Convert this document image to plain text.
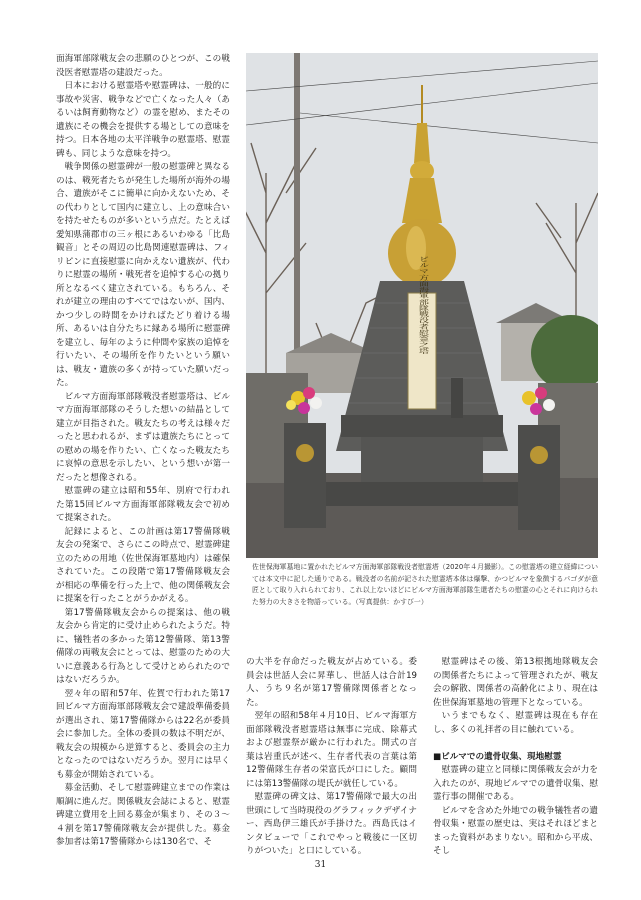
面海軍部隊戦友会の悲願のひとつが、この戦没医者慰霊塔の建設だった。

日本における慰霊塔や慰霊碑は、一般的に事故や災害、戦争などで亡くなった人々（あるいは飼育動物など）の霊を慰め、またその遺族にその機会を提供する場としての意味を持つ。日本各地の太平洋戦争の慰霊塔、慰霊碑も、同じような意味を持つ。

戦争関係の慰霊碑が一般の慰霊碑と異なるのは、戦死者たちが発生した場所が海外の場合、遺族がそこに簡単に向かえないため、その代わりとして国内に建立し、上の意味合いを持たせたものが多いという点だ。たとえば愛知県蒲郡市の三ヶ根にあるいわゆる「比島観音」とその周辺の比島関連慰霊碑は、フィリピンに直接慰霊に向かえない遺族が、代わりに慰霊の場所・戦死者を追悼する心の拠り所となるべく建立されている。もちろん、それが建立の理由のすべてではないが、国内、かつ少しの時間をかければたどり着ける場所、あるいは自分たちに縁ある場所に慰霊碑を建立し、毎年のように仲間や家族の追悼を行いたい、その場所を作りたいという願いは、戦友・遺族の多くが持っていた願いだった。

ビルマ方面海軍部隊戦没者慰霊塔は、ビルマ方面海軍部隊のそうした想いの結晶として建立が目指された。戦友たちの考えは様々だったと思われるが、まずは遺族たちにとっての慰めの場を作りたい、亡くなった戦友たちに哀悼の意思を示したい、という想いが第一だったと想像される。

慰霊碑の建立は昭和55年、別府で行われた第15回ビルマ方面海軍部隊戦友会で初めて提案された。

記録によると、この計画は第17警備隊戦友会の発案で、さらにこの時点で、慰霊碑建立のための用地（佐世保海軍墓地内）は確保されていた。この段階で第17警備隊戦友会が相応の準備を行った上で、他の関係戦友会に提案を行ったことがうかがえる。

第17警備隊戦友会からの提案は、他の戦友会から肯定的に受け止められたようだ。特に、犠牲者の多かった第12警備隊、第13警備隊の両戦友会にとっては、慰霊のための大いに意義ある行為として受けとめられたのではないだろうか。

翌々年の昭和57年、佐賀で行われた第17回ビルマ方面海軍部隊戦友会で建設準備委員が選出され、第17警備隊からは22名が委員会に参加した。全体の委員の数は不明だが、戦友会の規模から逆算すると、委員会の主力となったのではないだろうか。翌月には早くも募金が開始されている。

募金活動、そして慰霊碑建立までの作業は順調に進んだ。関係戦友会誌によると、慰霊碑建立費用を上回る募金が集まり、その３～４割を第17警備隊戦友会が提供した。募金参加者は第17警備隊からは130名で、そ

ビルマ方面海軍部隊戦没者慰霊之塔
佐世保海軍墓地に置かれたビルマ方面海軍部隊戦没者慰霊塔（2020年４月撮影）。この慰霊塔の建立経緯については本文中に記した通りである。戦没者の名前が記された慰霊塔本体は爆撃、かつビルマを象徴するパゴダが意匠として取り入れられており、これ以上ないほどにビルマ方面海軍部隊生還者たちの慰霊の心とそれに向けられた努力の大きさを物語っている。（写真提供：かすび一）

の大半を存命だった戦友が占めている。委員会は世話人会に昇華し、世話人は合計19人、うち９名が第17警備隊関係者となった。

翌年の昭和58年４月10日、ビルマ海軍方面部隊戦没者慰霊塔は無事に完成、除幕式および慰霊祭が厳かに行われた。開式の言葉は岩重氏が述べ、生存者代表の言葉は第12警備隊生存者の栄富氏が口にした。顧問には第13警備隊の堤氏が就任している。

慰霊碑の碑文は、第17警備隊で最大の出世頭にして当時現役のグラフィックデザイナー、西島伊三雄氏が手掛けた。西島氏はインタビューで「これでやっと戦後に一区切りがついた」と口にしている。

慰霊碑はその後、第13根拠地隊戦友会の関係者たちによって管理されたが、戦友会の解散、関係者の高齢化により、現在は佐世保海軍墓地の管理下となっている。

いうまでもなく、慰霊碑は現在も存在し、多くの礼拝者の目に触れている。

■ビルマでの遺骨収集、現地慰霊

慰霊碑の建立と同様に関係戦友会が力を入れたのが、現地ビルマでの遺骨収集、慰霊行事の開催である。

ビルマを含めた外地での戦争犠牲者の遺骨収集・慰霊の歴史は、実はそれほどまとまった資料があまりない。昭和から平成、そし

31
